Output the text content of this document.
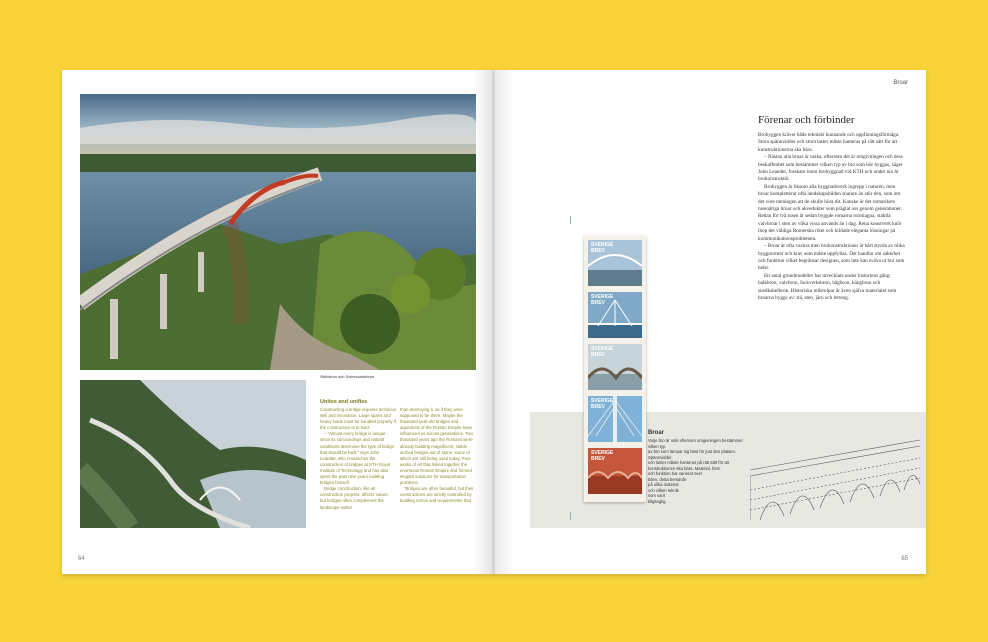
Skifubron och Svinesundsbron
Unites and unifies

Constructing a bridge requires technical skill and innovation. Large spans and heavy loads must be handled properly if the construction is to hold.

– "Almost every bridge is unique since its surroundings and natural conditions determine the type of bridge that should be built," says John Leander, who researches the construction of bridges at KTH Royal Institute of Technology and has also spent the past nine years building bridges himself.

Bridge construction, like all construction projects, affects nature, but bridges often complement the landscape rather

than destroying it, as if they were supposed to be there. Maybe the thousand-year-old bridges and aqueducts of the Roman Empire have influenced us across generations. Two thousand years ago the Romans were already building magnificent, stable arched bridges out of stone, some of which are still being used today. Pure works of art that linked together the enormous Roman Empire and formed elegant solutions for transportation problems.

"Bridges are often beautiful, but their constructions are strictly controlled by building norms and requirements that

64
Broar
Förenar och förbinder

Brobyggen kräver både tekniskt kunnande och uppfinningsförmåga. Stora spännvidder och stora laster måste hanteras på rätt sätt för att konstruktionerna ska bära.

– Nästan alla broar är unika, eftersom det är omgivningen och dess beskaffenhet som bestämmer vilken typ av bro som bör byggas, säger John Leander, forskare inom brobyggnad vid KTH och under nio år brokonstruktör.

Brobyggen är liksom alla byggnadsverk ingrepp i naturen, men broar kompletterar ofta landskapsbilden snarare än stör den, som om det vore meningen att de skulle höra dit. Kanske är det romarikets tusenåriga broar och akvedukter som präglat oss genom generationer. Redan för två tusen år sedan byggde romarna storslagna, stabila valvbroar i sten av vilka vissa används än i dag. Rena konstverk knöt ihop det väldiga Romerska riket och bildade eleganta lösningar på kommunikationsproblemen.

– Broar är ofta vackra men brokonstruktioner är hårt styrda av olika byggnormer och krav som måste uppfyllas. Det handlar om säkerhet och funktion vilket begränsar designen, som inte kan svävа ut hur som helst.

Ett antal grundmodeller har utvecklats under historiens gång: balkbron, valvbron, fackverksbron, bågbron, hängbron och snedkabelbron. Historiska milstolpar är även själva materialet som broarna byggs av: trä, sten, järn och betong.

Broar
Varje bro är unik eftersom omgivningen bestämmer vilken typ
av bro som lämpar sig bäst för just den platsen. Spännvidder
och laster måste hanteras på rätt sätt för att
konstruktionen ska bära. Material, form
och funktion har varierat över
tiden, detta bemärde
på olika material
och vilken teknik
som varit
tillgänglig.
SVERIGE
BREV
SVERIGE
BREV
SVERIGE
BREV
SVERIGE
BREV
SVERIGE
BREV
65
